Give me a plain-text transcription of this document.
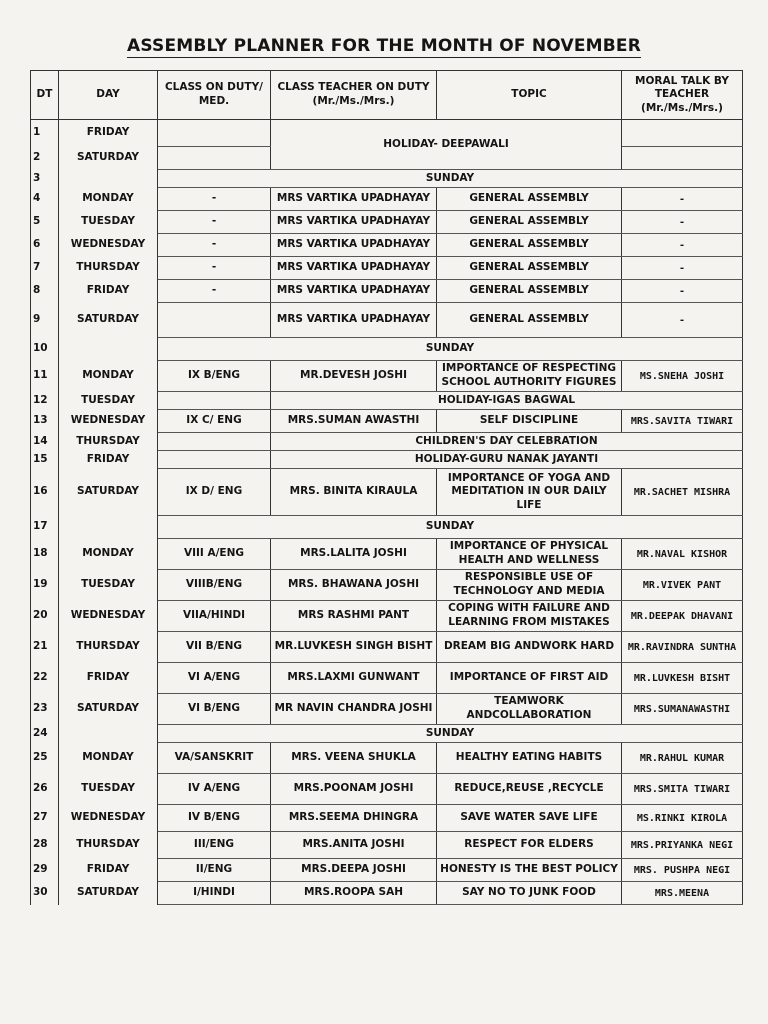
ASSEMBLY PLANNER FOR THE MONTH OF NOVEMBER
DT	DAY	CLASS ON DUTY/ MED.	CLASS TEACHER ON DUTY (Mr./Ms./Mrs.)	TOPIC	MORAL TALK BY TEACHER (Mr./Ms./Mrs.)
1	FRIDAY		HOLIDAY- DEEPAWALI		
2	SATURDAY				
3		SUNDAY			
4	MONDAY	-	MRS VARTIKA UPADHAYAY	GENERAL ASSEMBLY	-
5	TUESDAY	-	MRS VARTIKA UPADHAYAY	GENERAL ASSEMBLY	-
6	WEDNESDAY	-	MRS VARTIKA UPADHAYAY	GENERAL ASSEMBLY	-
7	THURSDAY	-	MRS VARTIKA UPADHAYAY	GENERAL ASSEMBLY	-
8	FRIDAY	-	MRS VARTIKA UPADHAYAY	GENERAL ASSEMBLY	-
9	SATURDAY		MRS VARTIKA UPADHAYAY	GENERAL ASSEMBLY	-
10		SUNDAY			
11	MONDAY	IX B/ENG	MR.DEVESH JOSHI	IMPORTANCE OF RESPECTING SCHOOL AUTHORITY FIGURES	MS.SNEHA JOSHI
12	TUESDAY		HOLIDAY-IGAS BAGWAL		
13	WEDNESDAY	IX C/ ENG	MRS.SUMAN AWASTHI	SELF DISCIPLINE	MRS.SAVITA TIWARI
14	THURSDAY		CHILDREN'S DAY CELEBRATION		
15	FRIDAY		HOLIDAY-GURU NANAK JAYANTI		
16	SATURDAY	IX D/ ENG	MRS. BINITA KIRAULA	IMPORTANCE OF YOGA AND MEDITATION IN OUR DAILY LIFE	MR.SACHET MISHRA
17		SUNDAY			
18	MONDAY	VIII A/ENG	MRS.LALITA JOSHI	IMPORTANCE OF PHYSICAL HEALTH AND WELLNESS	MR.NAVAL KISHOR
19	TUESDAY	VIIIB/ENG	MRS. BHAWANA JOSHI	RESPONSIBLE USE OF TECHNOLOGY AND MEDIA	MR.VIVEK PANT
20	WEDNESDAY	VIIA/HINDI	MRS RASHMI PANT	COPING WITH FAILURE AND LEARNING FROM MISTAKES	MR.DEEPAK DHAVANI
21	THURSDAY	VII B/ENG	MR.LUVKESH SINGH BISHT	DREAM BIG ANDWORK HARD	MR.RAVINDRA SUNTHA
22	FRIDAY	VI A/ENG	MRS.LAXMI GUNWANT	IMPORTANCE OF FIRST AID	MR.LUVKESH BISHT
23	SATURDAY	VI B/ENG	MR NAVIN CHANDRA JOSHI	TEAMWORK ANDCOLLABORATION	MRS.SUMANAWASTHI
24		SUNDAY			
25	MONDAY	VA/SANSKRIT	MRS. VEENA SHUKLA	HEALTHY EATING HABITS	MR.RAHUL KUMAR
26	TUESDAY	IV A/ENG	MRS.POONAM JOSHI	REDUCE,REUSE ,RECYCLE	MRS.SMITA TIWARI
27	WEDNESDAY	IV B/ENG	MRS.SEEMA DHINGRA	SAVE WATER SAVE LIFE	MS.RINKI KIROLA
28	THURSDAY	III/ENG	MRS.ANITA JOSHI	RESPECT FOR ELDERS	MRS.PRIYANKA NEGI
29	FRIDAY	II/ENG	MRS.DEEPA JOSHI	HONESTY IS THE BEST POLICY	MRS. PUSHPA NEGI
30	SATURDAY	I/HINDI	MRS.ROOPA SAH	SAY NO TO JUNK FOOD	MRS.MEENA
